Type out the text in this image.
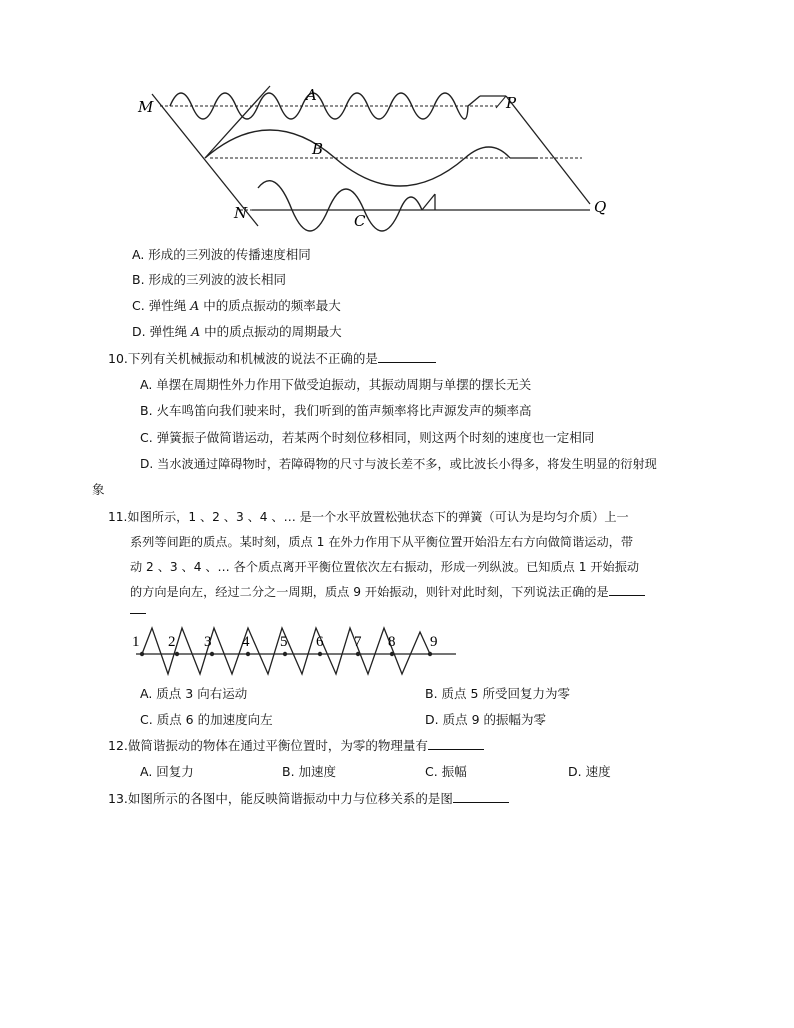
M
A	P
B
N	C
Q
A. 形成的三列波的传播速度相同
B. 形成的三列波的波长相同
C. 弹性绳 A 中的质点振动的频率最大
D. 弹性绳 A 中的质点振动的周期最大
10.下列有关机械振动和机械波的说法不正确的是
A. 单摆在周期性外力作用下做受迫振动，其振动周期与单摆的摆长无关
B. 火车鸣笛向我们驶来时，我们听到的笛声频率将比声源发声的频率高
C. 弹簧振子做简谐运动，若某两个时刻位移相同，则这两个时刻的速度也一定相同
D. 当水波通过障碍物时，若障碍物的尺寸与波长差不多，或比波长小得多，将发生明显的衍射现
象
11.如图所示，1 、2 、3 、4 、… 是一个水平放置松弛状态下的弹簧（可认为是均匀介质）上一
系列等间距的质点。某时刻，质点 1 在外力作用下从平衡位置开始沿左右方向做简谐运动，带
动 2 、3 、4 、… 各个质点离开平衡位置依次左右振动，形成一列纵波。已知质点 1 开始振动
的方向是向左，经过二分之一周期，质点 9 开始振动，则针对此时刻，下列说法正确的是
1 2 3 4 5 6 7 8 9
A. 质点 3 向右运动	B. 质点 5 所受回复力为零
C. 质点 6 的加速度向左	D. 质点 9 的振幅为零
12.做简谐振动的物体在通过平衡位置时，为零的物理量有
A. 回复力	B. 加速度	C. 振幅	D. 速度
13.如图所示的各图中，能反映简谐振动中力与位移关系的是图
